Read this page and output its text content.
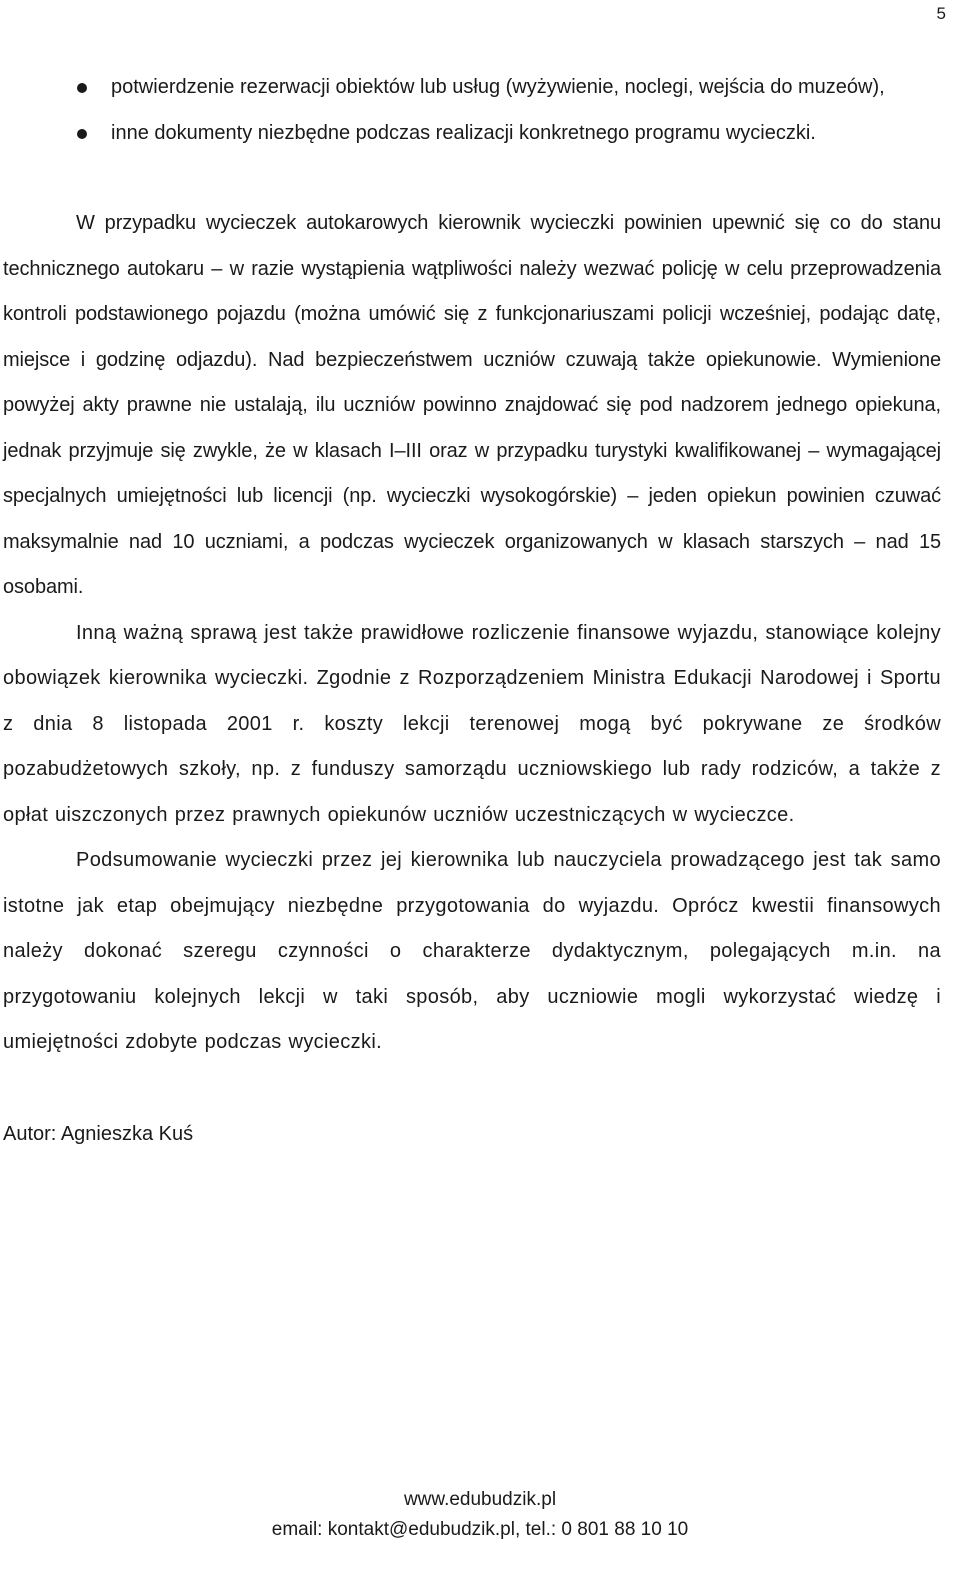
5
potwierdzenie rezerwacji obiektów lub usług (wyżywienie, noclegi, wejścia do muzeów),
inne dokumenty niezbędne podczas realizacji konkretnego programu wycieczki.

W przypadku wycieczek autokarowych kierownik wycieczki powinien upewnić się co do stanu technicznego autokaru – w razie wystąpienia wątpliwości należy wezwać policję w celu przeprowadzenia kontroli podstawionego pojazdu (można umówić się z funkcjonariuszami policji wcześniej, podając datę, miejsce i godzinę odjazdu). Nad bezpieczeństwem uczniów czuwają także opiekunowie. Wymienione powyżej akty prawne nie ustalają, ilu uczniów powinno znajdować się pod nadzorem jednego opiekuna, jednak przyjmuje się zwykle, że w klasach I–III oraz w przypadku turystyki kwalifikowanej – wymagającej specjalnych umiejętności lub licencji (np. wycieczki wysokogórskie) – jeden opiekun powinien czuwać maksymalnie nad 10 uczniami, a podczas wycieczek organizowanych w klasach starszych – nad 15 osobami.

Inną ważną sprawą jest także prawidłowe rozliczenie finansowe wyjazdu, stanowiące kolejny obowiązek kierownika wycieczki. Zgodnie z Rozporządzeniem Ministra Edukacji Narodowej i Sportu z dnia 8 listopada 2001 r. koszty lekcji terenowej mogą być pokrywane ze środków pozabudżetowych szkoły, np. z funduszy samorządu uczniowskiego lub rady rodziców, a także z opłat uiszczonych przez prawnych opiekunów uczniów uczestniczących w wycieczce.

Podsumowanie wycieczki przez jej kierownika lub nauczyciela prowadzącego jest tak samo istotne jak etap obejmujący niezbędne przygotowania do wyjazdu. Oprócz kwestii finansowych należy dokonać szeregu czynności o charakterze dydaktycznym, polegających m.in. na przygotowaniu kolejnych lekcji w taki sposób, aby uczniowie mogli wykorzystać wiedzę i umiejętności zdobyte podczas wycieczki.

Autor: Agnieszka Kuś

www.edubudzik.pl
email: kontakt@edubudzik.pl, tel.: 0 801 88 10 10
